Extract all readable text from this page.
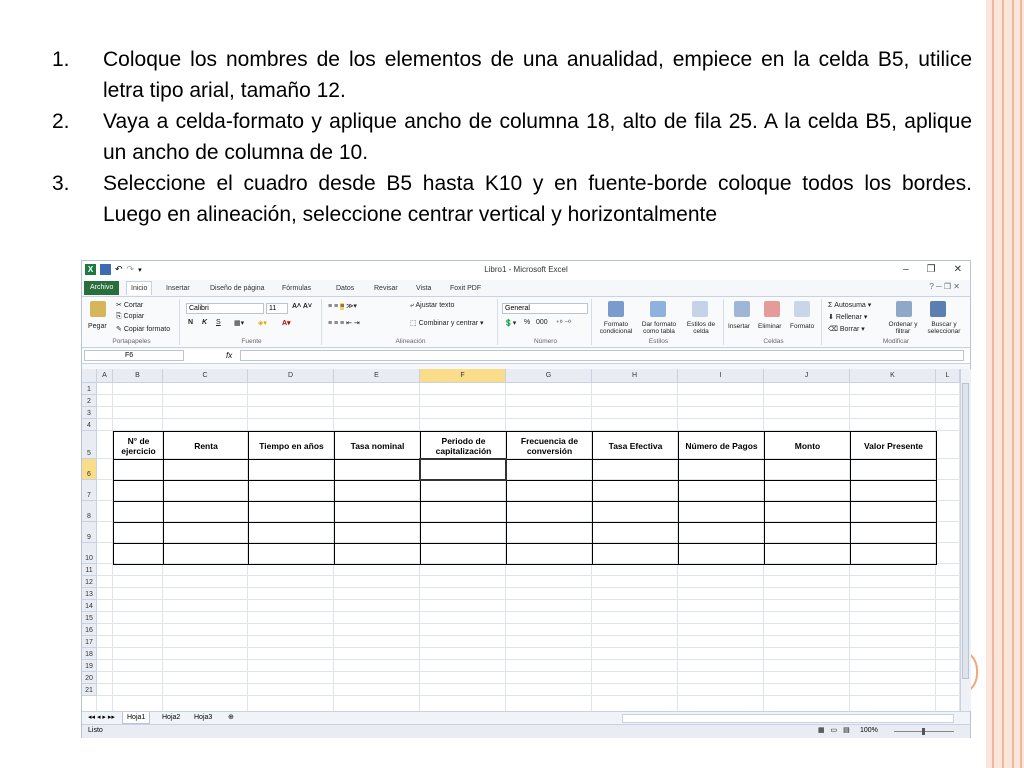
1. Coloque los nombres de los elementos de una anualidad, empiece en la celda B5, utilice letra tipo arial, tamaño 12.
2. Vaya a celda-formato y aplique ancho de columna 18, alto de fila 25. A la celda B5, aplique un ancho de columna de 10.
3. Seleccione el cuadro desde B5 hasta K10 y en fuente-borde coloque todos los bordes. Luego en alineación, seleccione centrar vertical y horizontalmente
X	↶ ↷ ▾	Libro1 - Microsoft Excel	– ❐ ✕
Archivo	Inicio	Insertar	Diseño de página	Fórmulas	Datos	Revisar	Vista	Foxit PDF	? ─ ❐ ✕
Pegar
✂ Cortar
⎘ Copiar
✎ Copiar formato
Portapapeles
Calibri	11	A˄ A˅
N K S ▦▾ ◈▾ A▾
Fuente
≡ ≡ ≡ ≫▾
≡ ≡ ≡ ⇤ ⇥
⤶ Ajustar texto
⬚ Combinar y centrar ▾
Alineación
General
💲▾ % 000 ⁺⁰ ⁻⁰
Número
Formato condicional
Dar formato como tabla
Estilos de celda
Estilos
Insertar Eliminar Formato
Celdas
Σ Autosuma ▾
⬇ Rellenar ▾
⌫ Borrar ▾
Ordenar y filtrar
Buscar y seleccionar
Modificar
F6	fx
A	B	C	D	E	F	G	H	I	J	K	L
1
2
3
4
5
6
7
8
9
10
11
12
13
14
15
16
17
18
19
20
21
N° de ejercicio	Renta	Tiempo en años	Tasa nominal	Periodo de capitalización
Frecuencia de conversión	Tasa Efectiva	Número de Pagos	Monto	Valor Presente
◂◂ ◂ ▸ ▸▸	Hoja1	Hoja2	Hoja3	⊕
Listo	▦ ▭ ▤ 100%
